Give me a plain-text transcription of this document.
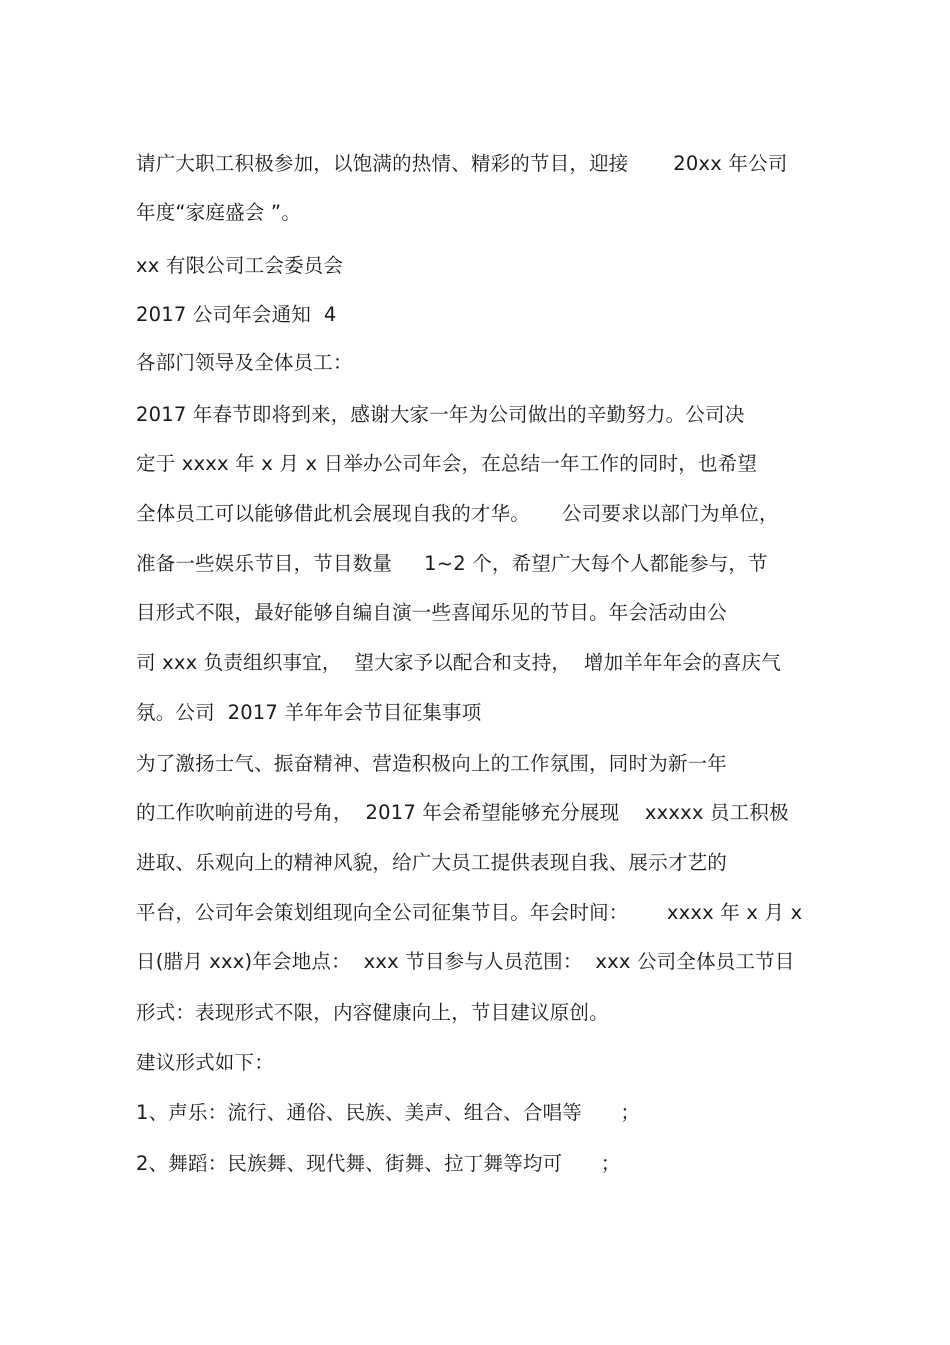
请广大职工积极参加，以饱满的热情、精彩的节目，迎接       20xx 年公司
年度“家庭盛会 ”。
xx 有限公司工会委员会
2017 公司年会通知  4
各部门领导及全体员工：
2017 年春节即将到来，感谢大家一年为公司做出的辛勤努力。公司决
定于 xxxx 年 x 月 x 日举办公司年会，在总结一年工作的同时，也希望
全体员工可以能够借此机会展现自我的才华。     公司要求以部门为单位，
准备一些娱乐节目，节目数量     1~2 个，希望广大每个人都能参与，节
目形式不限，最好能够自编自演一些喜闻乐见的节目。年会活动由公
司 xxx 负责组织事宜，  望大家予以配合和支持，  增加羊年年会的喜庆气
氛。公司  2017 羊年年会节目征集事项
为了激扬士气、振奋精神、营造积极向上的工作氛围，同时为新一年
的工作吹响前进的号角，  2017 年会希望能够充分展现    xxxxx 员工积极
进取、乐观向上的精神风貌，给广大员工提供表现自我、展示才艺的
平台，公司年会策划组现向全公司征集节目。年会时间：      xxxx 年 x 月 x
日(腊月 xxx)年会地点：  xxx 节目参与人员范围：  xxx 公司全体员工节目
形式：表现形式不限，内容健康向上，节目建议原创。
建议形式如下：
1、声乐：流行、通俗、民族、美声、组合、合唱等      ；
2、舞蹈：民族舞、现代舞、街舞、拉丁舞等均可      ；
